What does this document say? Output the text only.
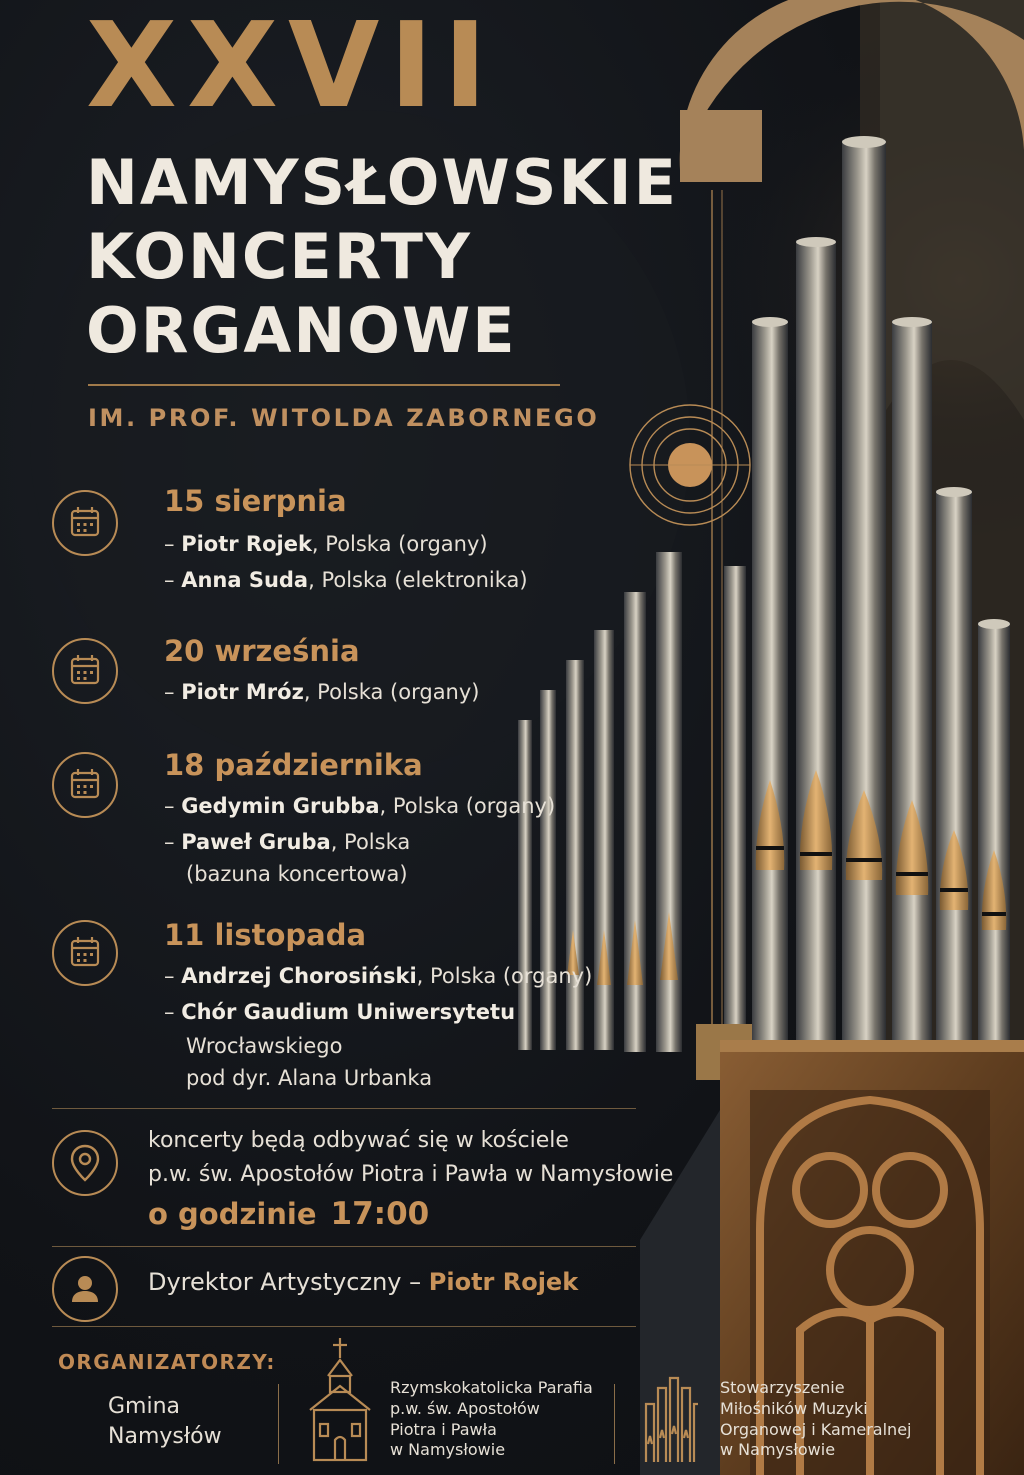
XXVII
NAMYSŁOWSKIE
KONCERTY
ORGANOWE
IM. PROF. WITOLDA ZABORNEGO
15 sierpnia
– Piotr Rojek, Polska (organy)
– Anna Suda, Polska (elektronika)
20 września
– Piotr Mróz, Polska (organy)
18 października
– Gedymin Grubba, Polska (organy)
– Paweł Gruba, Polska
(bazuna koncertowa)
11 listopada
– Andrzej Chorosiński, Polska (organy)
– Chór Gaudium Uniwersytetu
Wrocławskiego
pod dyr. Alana Urbanka
koncerty będą odbywać się w kościele
p.w. św. Apostołów Piotra i Pawła w Namysłowie
o godzinie 17:00
Dyrektor Artystyczny – Piotr Rojek
ORGANIZATORZY:
Gmina
Namysłów
Rzymskokatolicka Parafia
p.w. św. Apostołów
Piotra i Pawła
w Namysłowie
Stowarzyszenie
Miłośników Muzyki
Organowej i Kameralnej
w Namysłowie
